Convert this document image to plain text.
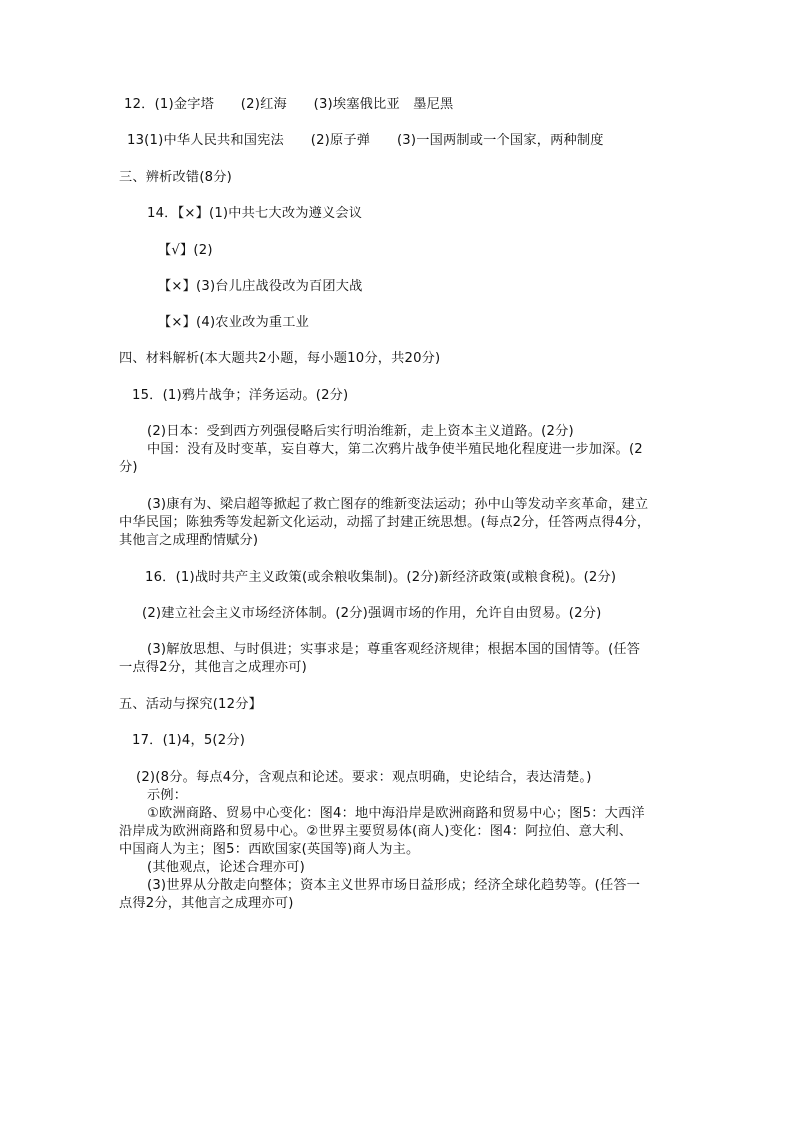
12．(1)金字塔　　(2)红海　　(3)埃塞俄比亚　墨尼黑
13(1)中华人民共和国宪法　　(2)原子弹　　(3)一国两制或一个国家，两种制度
三、辨析改错(8分)
14．【×】(1)中共七大改为遵义会议
【√】(2)
【×】(3)台儿庄战役改为百团大战
【×】(4)农业改为重工业
四、材料解析(本大题共2小题，每小题10分，共20分)
15．(1)鸦片战争；洋务运动。(2分)
(2)日本：受到西方列强侵略后实行明治维新，走上资本主义道路。(2分)
中国：没有及时变革，妄自尊大，第二次鸦片战争使半殖民地化程度进一步加深。(2
分)
(3)康有为、梁启超等掀起了救亡图存的维新变法运动；孙中山等发动辛亥革命，建立
中华民国；陈独秀等发起新文化运动，动摇了封建正统思想。(每点2分，任答两点得4分，
其他言之成理酌情赋分)
16．(1)战时共产主义政策(或余粮收集制)。(2分)新经济政策(或粮食税)。(2分)
(2)建立社会主义市场经济体制。(2分)强调市场的作用，允许自由贸易。(2分)
(3)解放思想、与时俱进；实事求是；尊重客观经济规律；根据本国的国情等。(任答
一点得2分，其他言之成理亦可)
五、活动与探究(12分】
17．(1)4，5(2分)
(2)(8分。每点4分，含观点和论述。要求：观点明确，史论结合，表达清楚。)
示例：
①欧洲商路、贸易中心变化：图4：地中海沿岸是欧洲商路和贸易中心；图5：大西洋
沿岸成为欧洲商路和贸易中心。②世界主要贸易体(商人)变化：图4：阿拉伯、意大利、
中国商人为主；图5：西欧国家(英国等)商人为主。
(其他观点，论述合理亦可)
(3)世界从分散走向整体；资本主义世界市场日益形成；经济全球化趋势等。(任答一
点得2分，其他言之成理亦可)
